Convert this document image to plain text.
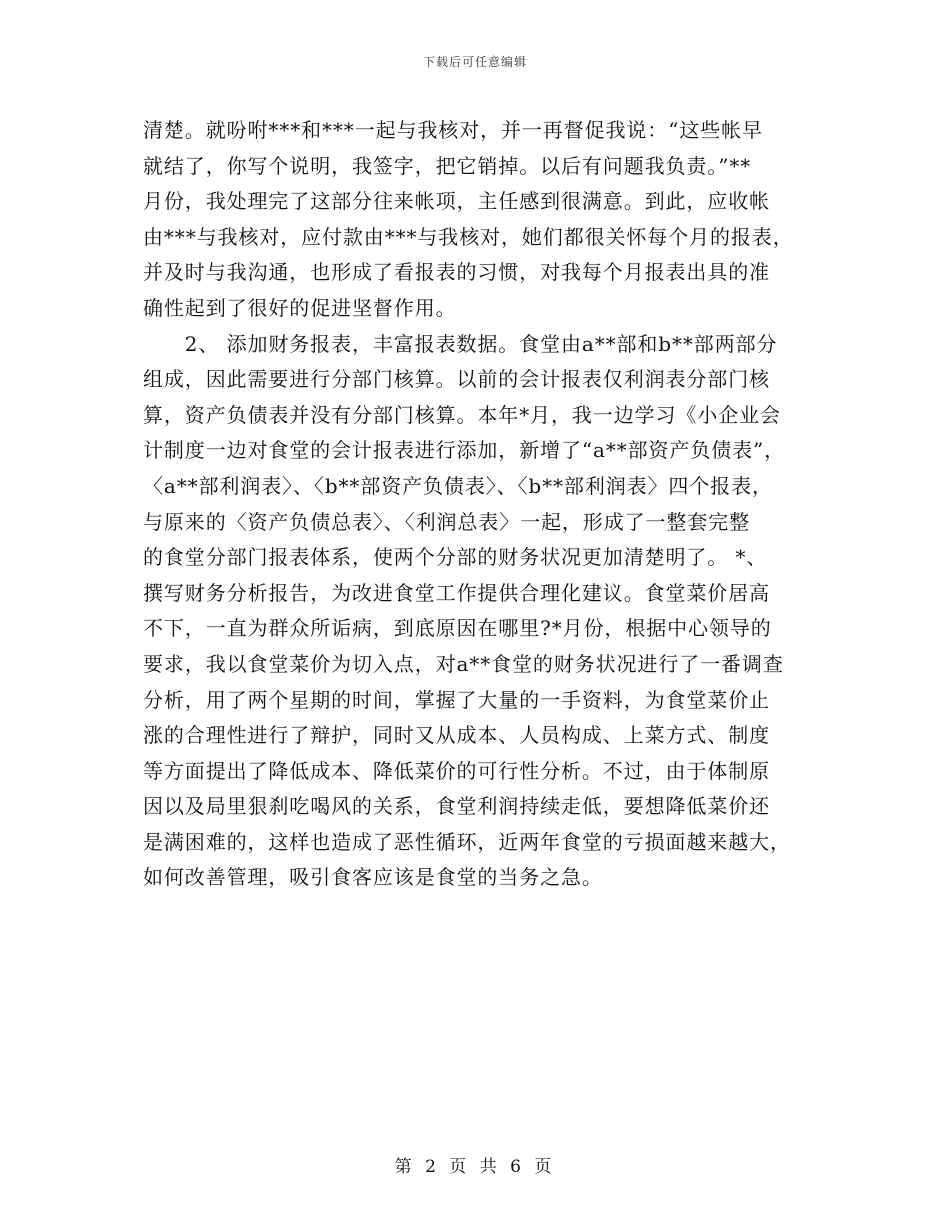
下载后可任意编辑
清楚。就吩咐***和***一起与我核对，并一再督促我说：“这些帐早
就结了，你写个说明，我签字，把它销掉。以后有问题我负责。”**
月份，我处理完了这部分往来帐项，主任感到很满意。到此，应收帐
由***与我核对，应付款由***与我核对，她们都很关怀每个月的报表，
并及时与我沟通，也形成了看报表的习惯，对我每个月报表出具的准
确性起到了很好的促进坚督作用。
　　2、 添加财务报表，丰富报表数据。食堂由a**部和b**部两部分
组成，因此需要进行分部门核算。以前的会计报表仅利润表分部门核
算，资产负债表并没有分部门核算。本年*月，我一边学习《小企业会
计制度一边对食堂的会计报表进行添加，新增了“a**部资产负债表”，
〈a**部利润表〉、〈b**部资产负债表〉、〈b**部利润表〉四个报表，
与原来的〈资产负债总表〉、〈利润总表〉一起，形成了一整套完整
的食堂分部门报表体系，使两个分部的财务状况更加清楚明了。 *、
撰写财务分析报告，为改进食堂工作提供合理化建议。食堂菜价居高
不下，一直为群众所诟病，到底原因在哪里?*月份，根据中心领导的
要求，我以食堂菜价为切入点，对a**食堂的财务状况进行了一番调查
分析，用了两个星期的时间，掌握了大量的一手资料，为食堂菜价止
涨的合理性进行了辩护，同时又从成本、人员构成、上菜方式、制度
等方面提出了降低成本、降低菜价的可行性分析。不过，由于体制原
因以及局里狠刹吃喝风的关系，食堂利润持续走低，要想降低菜价还
是满困难的，这样也造成了恶性循环，近两年食堂的亏损面越来越大，
如何改善管理，吸引食客应该是食堂的当务之急。
第 2 页 共 6 页
